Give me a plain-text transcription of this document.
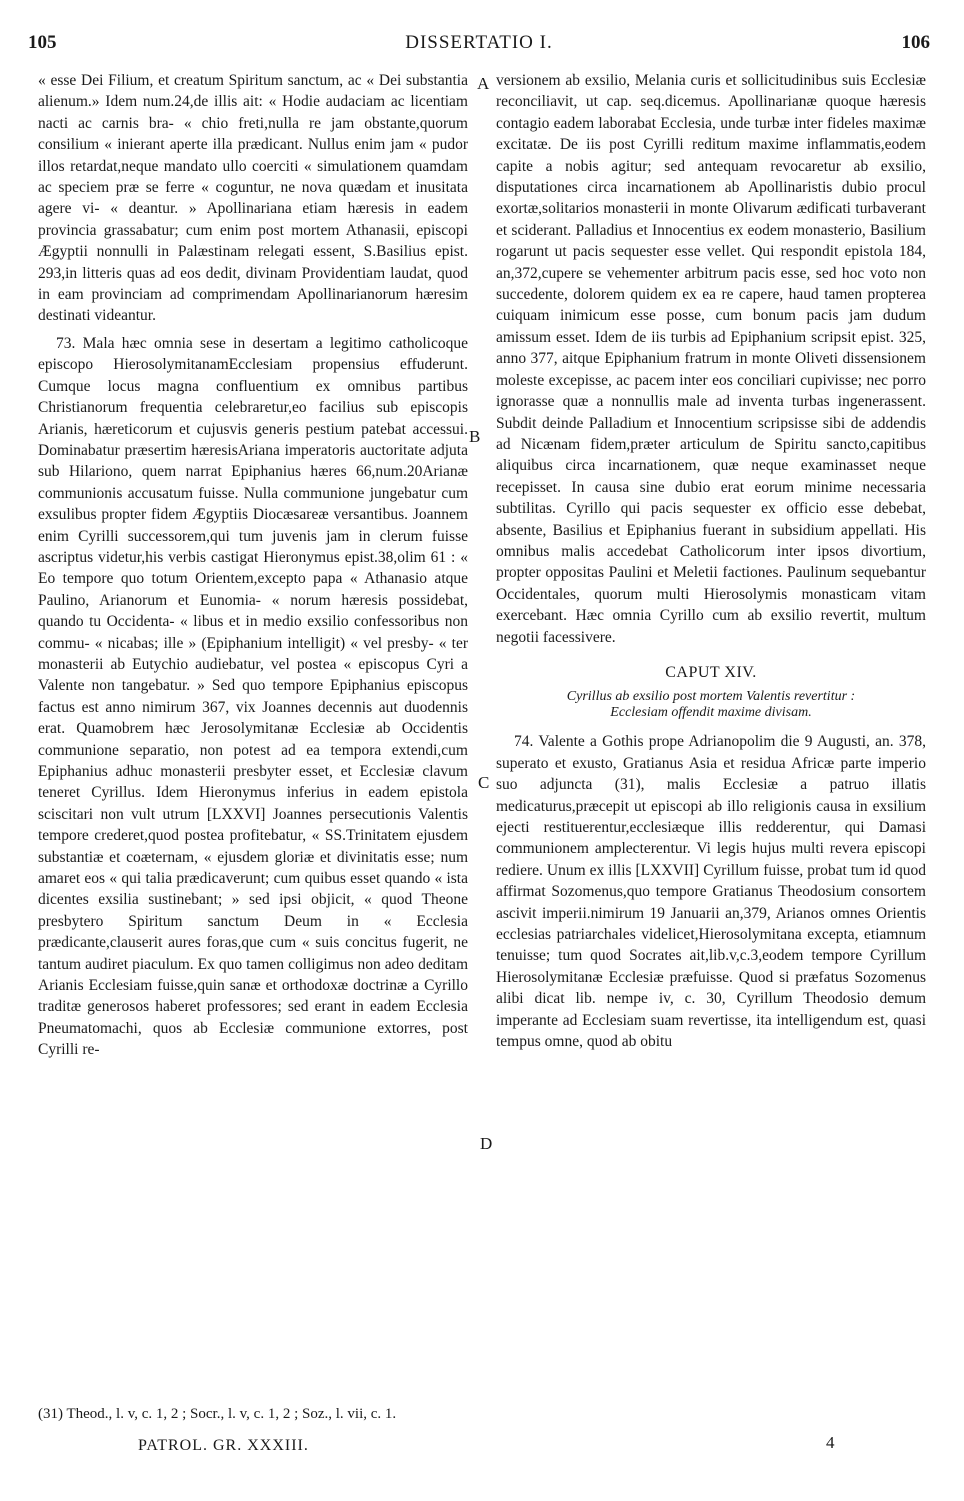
105	DISSERTATIO I.	106
A
B
C
D

« esse Dei Filium, et creatum Spiritum sanctum, ac « Dei substantia alienum.» Idem num.24,de illis ait: « Hodie audaciam ac licentiam nacti ac carnis bra- « chio freti,nulla re jam obstante,quorum consilium « inierant aperte illa prædicant. Nullus enim jam « pudor illos retardat,neque mandato ullo coerciti « simulationem quamdam ac speciem præ se ferre « coguntur, ne nova quædam et inusitata agere vi- « deantur. » Apollinariana etiam hæresis in eadem provincia grassabatur; cum enim post mortem Athanasii, episcopi Ægyptii nonnulli in Palæstinam relegati essent, S.Basilius epist. 293,in litteris quas ad eos dedit, divinam Providentiam laudat, quod in eam provinciam ad comprimendam Apollinarianorum hæresim destinati videantur.

73. Mala hæc omnia sese in desertam a legitimo catholicoque episcopo HierosolymitanamEcclesiam propensius effuderunt. Cumque locus magna confluentium ex omnibus partibus Christianorum frequentia celebraretur,eo facilius sub episcopis Arianis, hæreticorum et cujusvis generis pestium patebat accessui. Dominabatur præsertim hæresisAriana imperatoris auctoritate adjuta sub Hilariono, quem narrat Epiphanius hæres 66,num.20Arianæ communionis accusatum fuisse. Nulla communione jungebatur cum exsulibus propter fidem Ægyptiis Diocæsareæ versantibus. Joannem enim Cyrilli successorem,qui tum juvenis jam in clerum fuisse ascriptus videtur,his verbis castigat Hieronymus epist.38,olim 61 : « Eo tempore quo totum Orientem,excepto papa « Athanasio atque Paulino, Arianorum et Eunomia- « norum hæresis possidebat, quando tu Occidenta- « libus et in medio exsilio confessoribus non commu- « nicabas; ille » (Epiphanium intelligit) « vel presby- « ter monasterii ab Eutychio audiebatur, vel postea « episcopus Cyri a Valente non tangebatur. » Sed quo tempore Epiphanius episcopus factus est anno nimirum 367, vix Joannes decennis aut duodennis erat. Quamobrem hæc Jerosolymitanæ Ecclesiæ ab Occidentis communione separatio, non potest ad ea tempora extendi,cum Epiphanius adhuc monasterii presbyter esset, et Ecclesiæ clavum teneret Cyrillus. Idem Hieronymus inferius in eadem epistola sciscitari non vult utrum [LXXVI] Joannes persecutionis Valentis tempore crederet,quod postea profitebatur, « SS.Trinitatem ejusdem substantiæ et coæternam, « ejusdem gloriæ et divinitatis esse; num amaret eos « qui talia prædicaverunt; cum quibus esset quando « ista dicentes exsilia sustinebant; » sed ipsi objicit, « quod Theone presbytero Spiritum sanctum Deum in « Ecclesia prædicante,clauserit aures foras,que cum « suis concitus fugerit, ne tantum audiret piaculum. Ex quo tamen colligimus non adeo deditam Arianis Ecclesiam fuisse,quin sanæ et orthodoxæ doctrinæ a Cyrillo traditæ generosos haberet professores; sed erant in eadem Ecclesia Pneumatomachi, quos ab Ecclesiæ communione extorres, post Cyrilli re-

versionem ab exsilio, Melania curis et sollicitudinibus suis Ecclesiæ reconciliavit, ut cap. seq.dicemus. Apollinarianæ quoque hæresis contagio eadem laborabat Ecclesia, unde turbæ inter fideles maximæ excitatæ. De iis post Cyrilli reditum maxime inflammatis,eodem capite a nobis agitur; sed antequam revocaretur ab exsilio, disputationes circa incarnationem ab Apollinaristis dubio procul exortæ,solitarios monasterii in monte Olivarum ædificati turbaverant et sciderant. Palladius et Innocentius ex eodem monasterio, Basilium rogarunt ut pacis sequester esse vellet. Qui respondit epistola 184, an,372,cupere se vehementer arbitrum pacis esse, sed hoc voto non succedente, dolorem quidem ex ea re capere, haud tamen propterea cuiquam inimicum esse posse, cum bonum pacis jam dudum amissum esset. Idem de iis turbis ad Epiphanium scripsit epist. 325, anno 377, aitque Epiphanium fratrum in monte Oliveti dissensionem moleste excepisse, ac pacem inter eos conciliari cupivisse; nec porro ignorasse quæ a nonnullis male ad inventa turbas ingenerassent. Subdit deinde Palladium et Innocentium scripsisse sibi de addendis ad Nicænam fidem,præter articulum de Spiritu sancto,capitibus aliquibus circa incarnationem, quæ neque examinasset neque recepisset. In causa sine dubio erat eorum minime necessaria subtilitas. Cyrillo qui pacis sequester ex officio esse debebat, absente, Basilius et Epiphanius fuerant in subsidium appellati. His omnibus malis accedebat Catholicorum inter ipsos divortium, propter oppositas Paulini et Meletii factiones. Paulinum sequebantur Occidentales, quorum multi Hierosolymis monasticam vitam exercebant. Hæc omnia Cyrillo cum ab exsilio revertit, multum negotii facessivere.

CAPUT XIV.
Cyrillus ab exsilio post mortem Valentis revertitur :
Ecclesiam offendit maxime divisam.

74. Valente a Gothis prope Adrianopolim die 9 Augusti, an. 378, superato et exusto, Gratianus Asia et residua Africæ parte imperio suo adjuncta (31), malis Ecclesiæ a patruo illatis medicaturus,præcepit ut episcopi ab illo religionis causa in exsilium ejecti restituerentur,ecclesiæque illis redderentur, qui Damasi communionem amplecterentur. Vi legis hujus multi revera episcopi rediere. Unum ex illis [LXXVII] Cyrillum fuisse, probat tum id quod affirmat Sozomenus,quo tempore Gratianus Theodosium consortem ascivit imperii.nimirum 19 Januarii an,379, Arianos omnes Orientis ecclesias patriarchales videlicet,Hierosolymitana excepta, etiamnum tenuisse; tum quod Socrates ait,lib.v,c.3,eodem tempore Cyrillum Hierosolymitanæ Ecclesiæ præfuisse. Quod si præfatus Sozomenus alibi dicat lib. nempe iv, c. 30, Cyrillum Theodosio demum imperante ad Ecclesiam suam revertisse, ita intelligendum est, quasi tempus omne, quod ab obitu

(31) Theod., l. v, c. 1, 2 ; Socr., l. v, c. 1, 2 ; Soz., l. vii, c. 1.
PATROL. GR. XXXIII.	4
